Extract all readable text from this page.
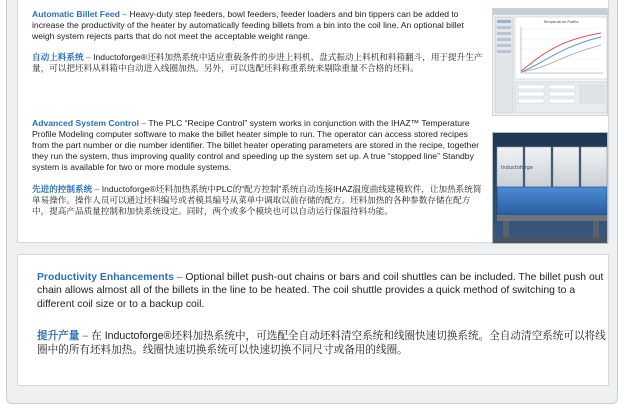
Automatic Billet Feed – Heavy-duty step feeders, bowl feeders, feeder loaders and bin tippers can be added to increase the productivity of the heater by automatically feeding billets from a bin into the coil line. An optional billet weigh system rejects parts that do not meet the acceptable weight range.

自动上料系统 – Inductoforge®还料加热系统中适应重载条件的步进上料机、盘式振动上料机和料箱翻斗，用于提升生产量，可以把坯料从料箱中自动进入线圈加热。另外，可以选配坯料称重系统来剔除重量不合格的坯料。

Advanced System Control – The PLC “Recipe Control” system works in conjunction with the IHAZ™ Temperature Profile Modeling computer software to make the billet heater simple to run. The operator can access stored recipes from the part number or die number identifier. The billet heater operating parameters are stored in the recipe, together they run the system, thus improving quality control and speeding up the system set up. A true “stopped line” Standby system is available for two or more module systems.

先进的控制系统 – Inductoforge®坯料加热系统中PLC的“配方控制”系统自动连接IHAZ温度曲线建模软件，让加热系统简单易操作。操作人员可以通过坯料编号或者模具编号从菜单中调取以前存储的配方。坯料加热的各种参数存储在配方中，提高产品质量控制和加快系统设定。同时，两个或多个模块也可以自动运行保温待料功能。

Temperature Profile
Inductoforge

Productivity Enhancements – Optional billet push-out chains or bars and coil shuttles can be included. The billet push out chain allows almost all of the billets in the line to be heated. The coil shuttle provides a quick method of switching to a different coil size or to a backup coil.

提升产量 – 在 Inductoforge®坯料加热系统中，可选配全自动坯料清空系统和线圈快速切换系统。全自动清空系统可以将线圈中的所有坯料加热。线圈快速切换系统可以快速切换不同尺寸或备用的线圈。
